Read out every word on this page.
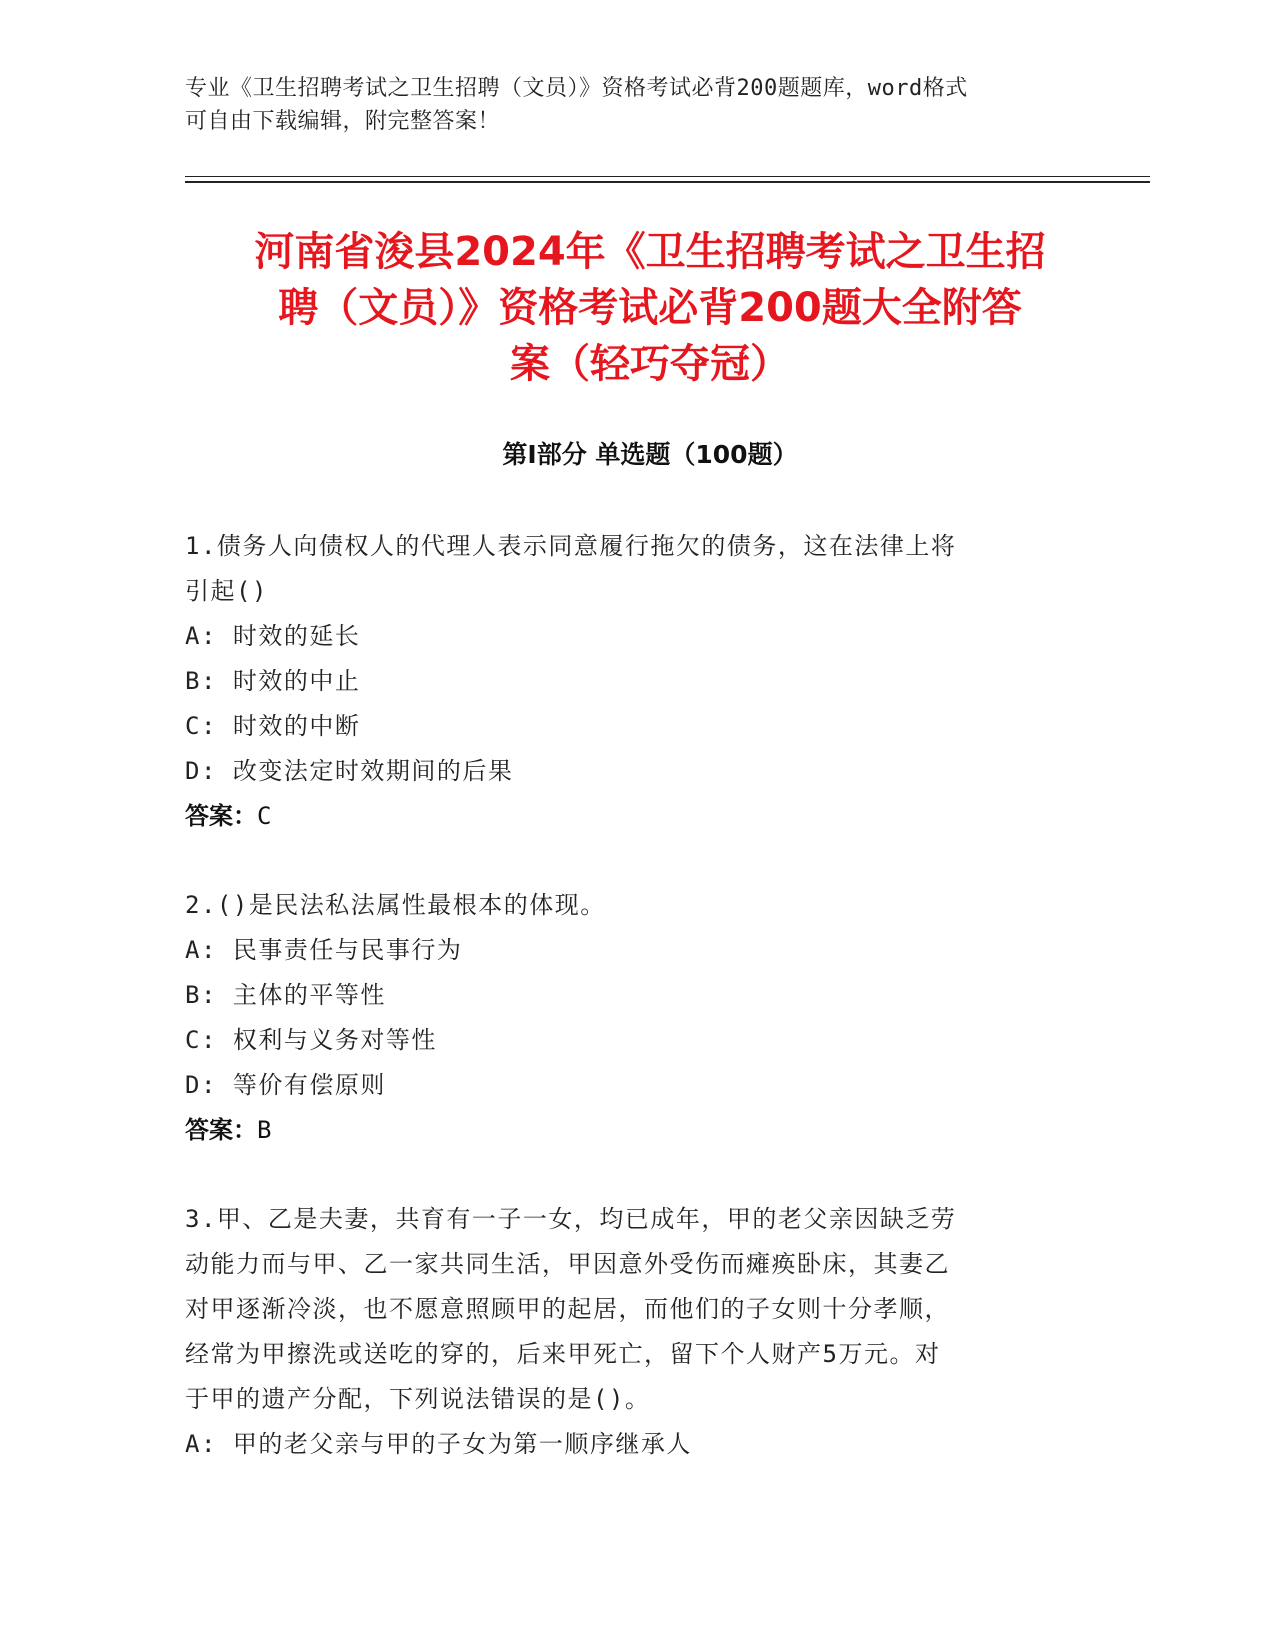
专业《卫生招聘考试之卫生招聘（文员）》资格考试必背200题题库，word格式
可自由下载编辑，附完整答案！
河南省浚县2024年《卫生招聘考试之卫生招
聘（文员）》资格考试必背200题大全附答
案（轻巧夺冠）
第Ⅰ部分 单选题（100题）
1.债务人向债权人的代理人表示同意履行拖欠的债务，这在法律上将
引起()
A: 时效的延长
B: 时效的中止
C: 时效的中断
D: 改变法定时效期间的后果
答案：C
2.()是民法私法属性最根本的体现。
A: 民事责任与民事行为
B: 主体的平等性
C: 权利与义务对等性
D: 等价有偿原则
答案：B
3.甲、乙是夫妻，共育有一子一女，均已成年，甲的老父亲因缺乏劳
动能力而与甲、乙一家共同生活，甲因意外受伤而瘫痪卧床，其妻乙
对甲逐渐冷淡，也不愿意照顾甲的起居，而他们的子女则十分孝顺，
经常为甲擦洗或送吃的穿的，后来甲死亡，留下个人财产5万元。对
于甲的遗产分配，下列说法错误的是()。
A: 甲的老父亲与甲的子女为第一顺序继承人
